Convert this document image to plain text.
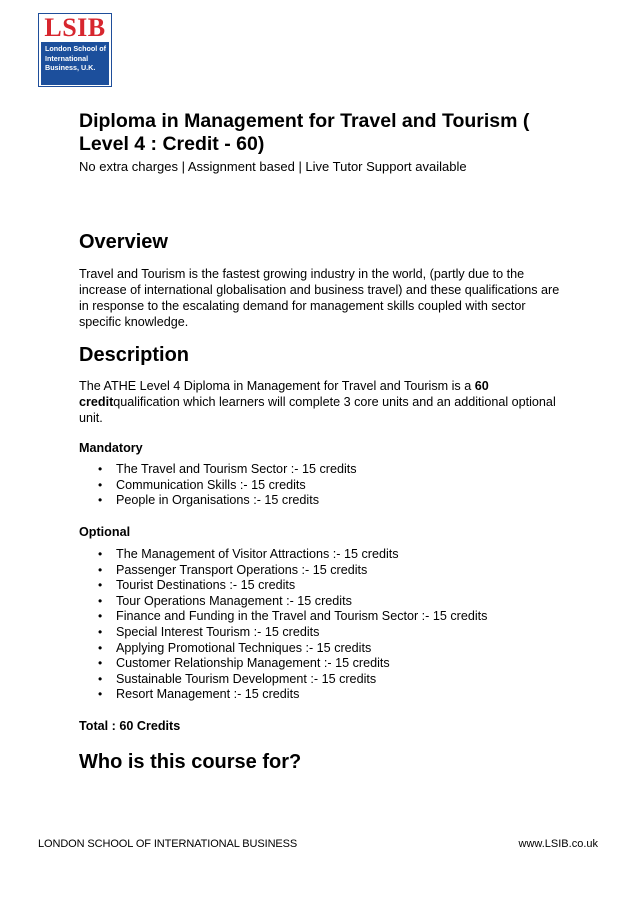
LSIB
London School of
International
Business, U.K.
Diploma in Management for Travel and Tourism ( Level 4 : Credit - 60)
No extra charges | Assignment based | Live Tutor Support available
Overview
Travel and Tourism is the fastest growing industry in the world, (partly due to the increase of international globalisation and business travel) and these qualifications are in response to the escalating demand for management skills coupled with sector specific knowledge.
Description
The ATHE Level 4 Diploma in Management for Travel and Tourism is a 60 creditqualification which learners will complete 3 core units and an additional optional unit.
Mandatory
• The Travel and Tourism Sector :- 15 credits
• Communication Skills :- 15 credits
• People in Organisations :- 15 credits
Optional
• The Management of Visitor Attractions :- 15 credits
• Passenger Transport Operations :- 15 credits
• Tourist Destinations :- 15 credits
• Tour Operations Management :- 15 credits
• Finance and Funding in the Travel and Tourism Sector :- 15 credits
• Special Interest Tourism :- 15 credits
• Applying Promotional Techniques :- 15 credits
• Customer Relationship Management :- 15 credits
• Sustainable Tourism Development :- 15 credits
• Resort Management :- 15 credits
Total : 60 Credits
Who is this course for?
LONDON SCHOOL OF INTERNATIONAL BUSINESS	www.LSIB.co.uk
